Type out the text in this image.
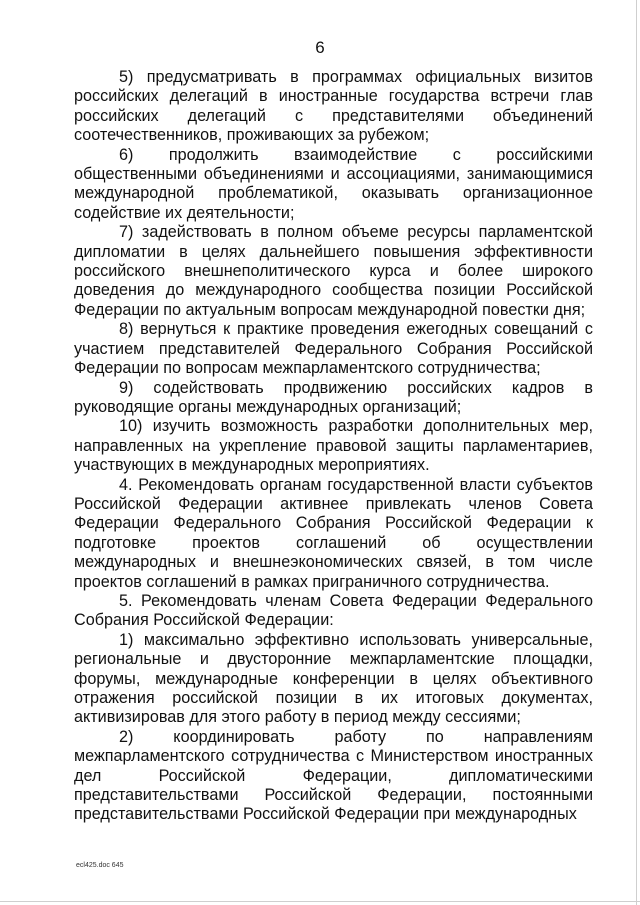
6

5) предусматривать в программах официальных визитов российских делегаций в иностранные государства встречи глав российских делегаций с представителями объединений соотечественников, проживающих за рубежом;

6) продолжить взаимодействие с российскими общественными объединениями и ассоциациями, занимающимися международной проблематикой, оказывать организационное содействие их деятельности;

7) задействовать в полном объеме ресурсы парламентской дипломатии в целях дальнейшего повышения эффективности российского внешнеполитического курса и более широкого доведения до международного сообщества позиции Российской Федерации по актуальным вопросам международной повестки дня;

8) вернуться к практике проведения ежегодных совещаний с участием представителей Федерального Собрания Российской Федерации по вопросам межпарламентского сотрудничества;

9) содействовать продвижению российских кадров в руководящие органы международных организаций;

10) изучить возможность разработки дополнительных мер, направленных на укрепление правовой защиты парламентариев, участвующих в международных мероприятиях.

4. Рекомендовать органам государственной власти субъектов Российской Федерации активнее привлекать членов Совета Федерации Федерального Собрания Российской Федерации к подготовке проектов соглашений об осуществлении международных и внешнеэкономических связей, в том числе проектов соглашений в рамках приграничного сотрудничества.

5. Рекомендовать членам Совета Федерации Федерального Собрания Российской Федерации:

1) максимально эффективно использовать универсальные, региональные и двусторонние межпарламентские площадки, форумы, международные конференции в целях объективного отражения российской позиции в их итоговых документах, активизировав для этого работу в период между сессиями;

2) координировать работу по направлениям межпарламентского сотрудничества с Министерством иностранных дел Российской Федерации, дипломатическими представительствами Российской Федерации, постоянными представительствами Российской Федерации при международных

ecl425.doc 645
